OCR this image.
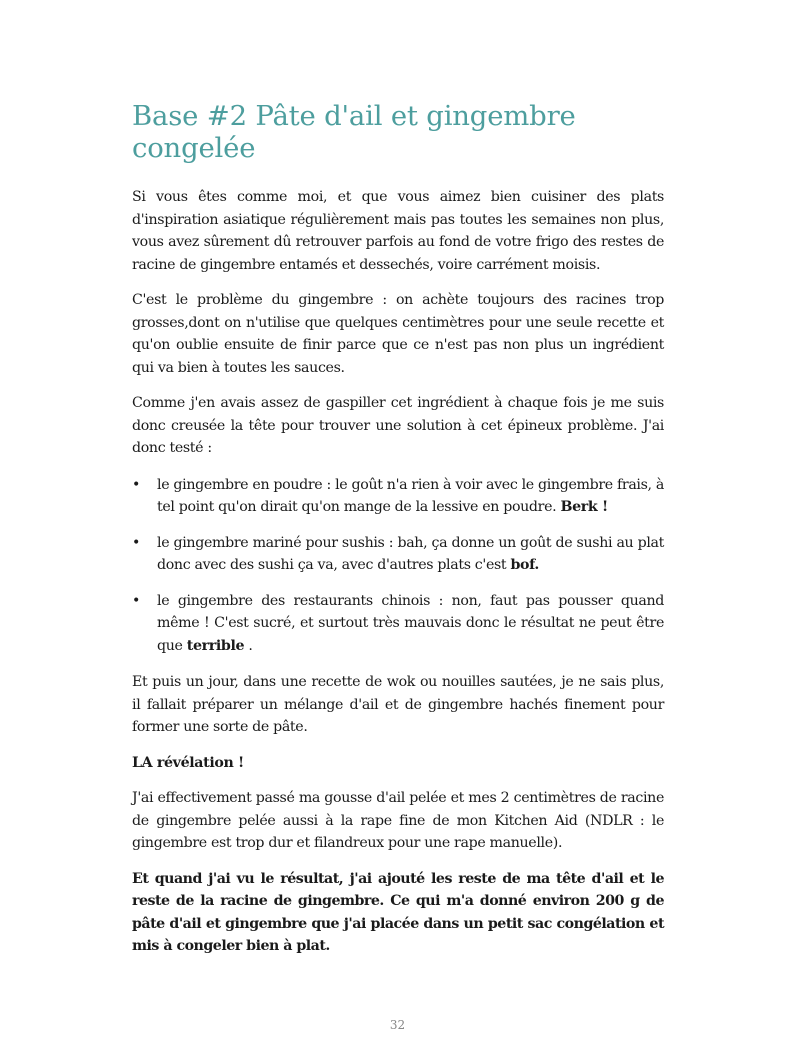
Base #2 Pâte d'ail et gingembre congelée

Si vous êtes comme moi, et que vous aimez bien cuisiner des plats d'inspiration asiatique régulièrement mais pas toutes les semaines non plus, vous avez sûrement dû retrouver parfois au fond de votre frigo des restes de racine de gingembre entamés et desseché​s, voire carrément moisis.

C'est le problème du gingembre : on achète toujours des racines trop grosses,dont on n'utilise que quelques centimètres pour une seule recette et qu'on oublie ensuite de finir parce que ce n'est pas non plus un ingrédient qui va bien à toutes les sauces.

Comme j'en avais assez de gaspiller cet ingrédient à chaque fois je me suis donc creusée la tête pour trouver une solution à cet épineux problème. J'ai donc testé :

• le gingembre en poudre : le goût n'a rien à voir avec le gingembre frais, à tel point qu'on dirait qu'on mange de la lessive en poudre. Berk !
• le gingembre mariné pour sushis : bah, ça donne un goût de sushi au plat donc avec des sushi ça va, avec d'autres plats c'est bof.
• le gingembre des restaurants chinois : non, faut pas pousser quand même ! C'est sucré, et surtout très mauvais donc le résultat ne peut être que terrible .

Et puis un jour, dans une recette de wok ou nouilles sautées, je ne sais plus, il fallait préparer un mélange d'ail et de gingembre hachés finement pour former une sorte de pâte.

LA révélation !

J'ai effectivement passé ma gousse d'ail pelée et mes 2 centimètres de racine de gingembre pelée aussi à la rape fine de mon Kitchen Aid (NDLR : le gingembre est trop dur et filandreux pour une rape manuelle).

Et quand j'ai vu le résultat, j'ai ajouté les reste de ma tête d'ail et le reste de la racine de gingembre. Ce qui m'a donné environ 200 g de pâte d'ail et gingembre que j'ai placée dans un petit sac congélation et mis à congeler bien à plat.

32
